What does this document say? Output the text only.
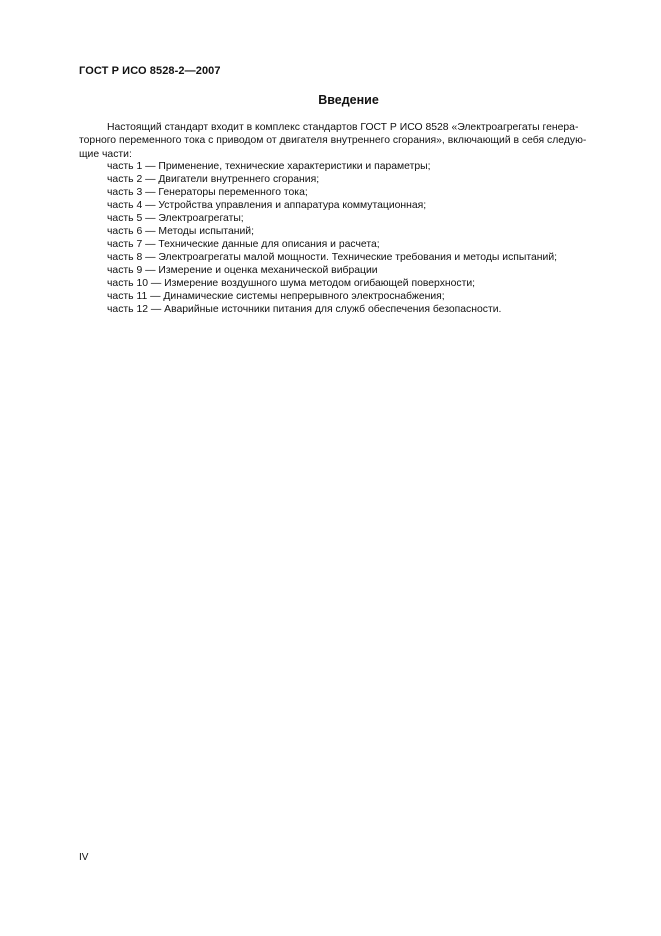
ГОСТ Р ИСО 8528-2—2007
Введение
Настоящий стандарт входит в комплекс стандартов ГОСТ Р ИСО 8528 «Электроагрегаты генера-
торного переменного тока с приводом от двигателя внутреннего сгорания», включающий в себя следую-
щие части:
часть 1 — Применение, технические характеристики и параметры;
часть 2 — Двигатели внутреннего сгорания;
часть 3 — Генераторы переменного тока;
часть 4 — Устройства управления и аппаратура коммутационная;
часть 5 — Электроагрегаты;
часть 6 — Методы испытаний;
часть 7 — Технические данные для описания и расчета;
часть 8 — Электроагрегаты малой мощности. Технические требования и методы испытаний;
часть 9 — Измерение и оценка механической вибрации
часть 10 — Измерение воздушного шума методом огибающей поверхности;
часть 11 — Динамические системы непрерывного электроснабжения;
часть 12 — Аварийные источники питания для служб обеспечения безопасности.
IV
